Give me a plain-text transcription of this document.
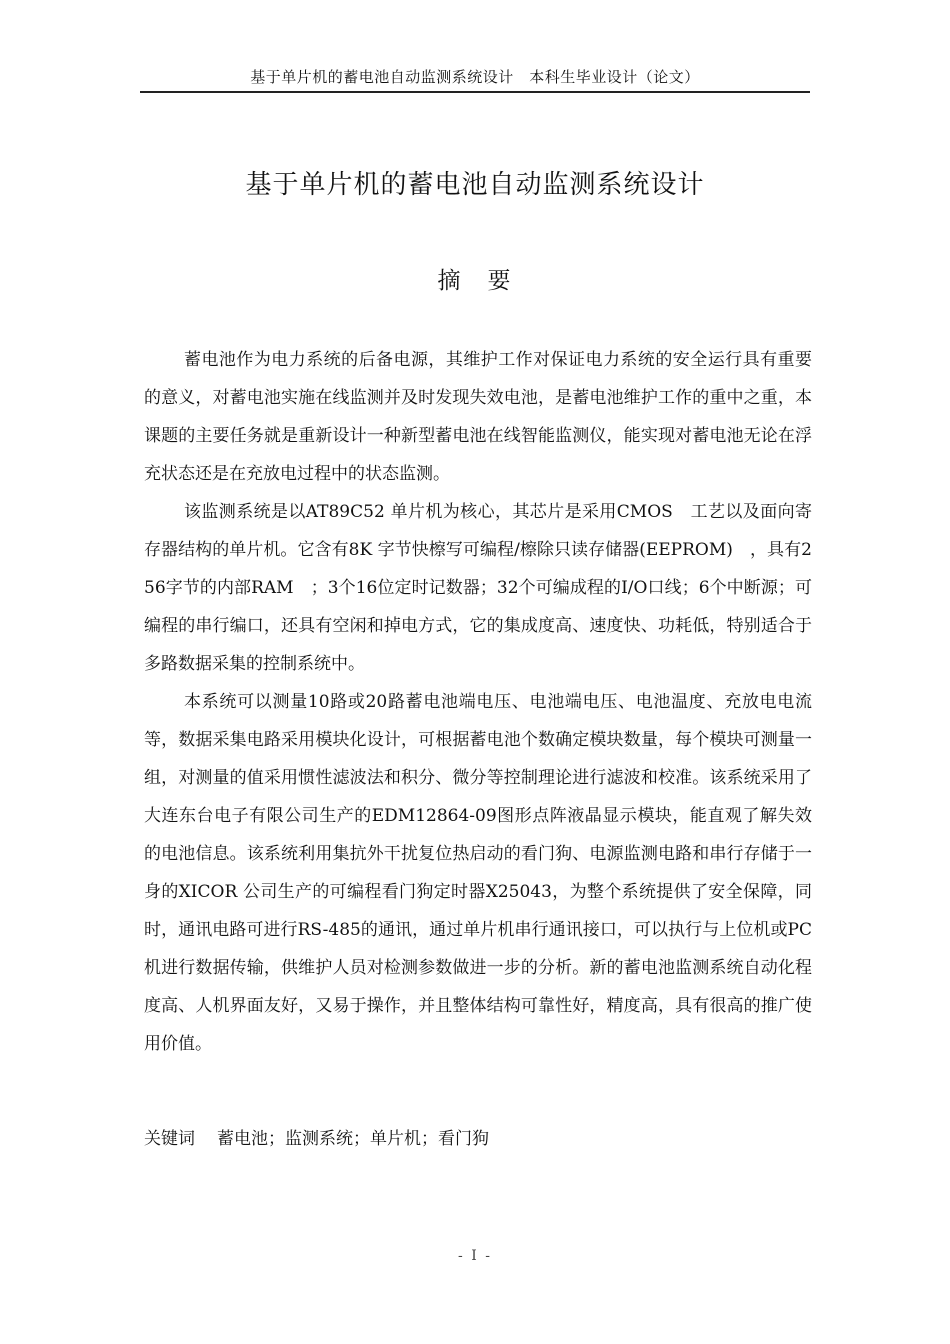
基于单片机的蓄电池自动监测系统设计　本科生毕业设计（论文）
基于单片机的蓄电池自动监测系统设计
摘　要

蓄电池作为电力系统的后备电源，其维护工作对保证电力系统的安全运行具有重要的意义，对蓄电池实施在线监测并及时发现失效电池，是蓄电池维护工作的重中之重，本课题的主要任务就是重新设计一种新型蓄电池在线智能监测仪，能实现对蓄电池无论在浮充状态还是在充放电过程中的状态监测。

该监测系统是以AT89C52 单片机为核心，其芯片是采用CMOS　工艺以及面向寄存器结构的单片机。它含有8K 字节快檫写可编程/檫除只读存储器(EEPROM)　，具有256字节的内部RAM　；3个16位定时记数器；32个可编成程的I/O口线；6个中断源；可编程的串行编口，还具有空闲和掉电方式，它的集成度高、速度快、功耗低，特别适合于多路数据采集的控制系统中。

本系统可以测量10路或20路蓄电池端电压、电池端电压、电池温度、充放电电流等，数据采集电路采用模块化设计，可根据蓄电池个数确定模块数量，每个模块可测量一组，对测量的值采用惯性滤波法和积分、微分等控制理论进行滤波和校准。该系统采用了大连东台电子有限公司生产的EDM12864-09图形点阵液晶显示模块，能直观了解失效的电池信息。该系统利用集抗外干扰复位热启动的看门狗、电源监测电路和串行存储于一身的XICOR 公司生产的可编程看门狗定时器X25043，为整个系统提供了安全保障，同时，通讯电路可进行RS-485的通讯，通过单片机串行通讯接口，可以执行与上位机或PC 机进行数据传输，供维护人员对检测参数做进一步的分析。新的蓄电池监测系统自动化程度高、人机界面友好，又易于操作，并且整体结构可靠性好，精度高，具有很高的推广使用价值。

关键词 蓄电池；监测系统；单片机；看门狗
- I -
